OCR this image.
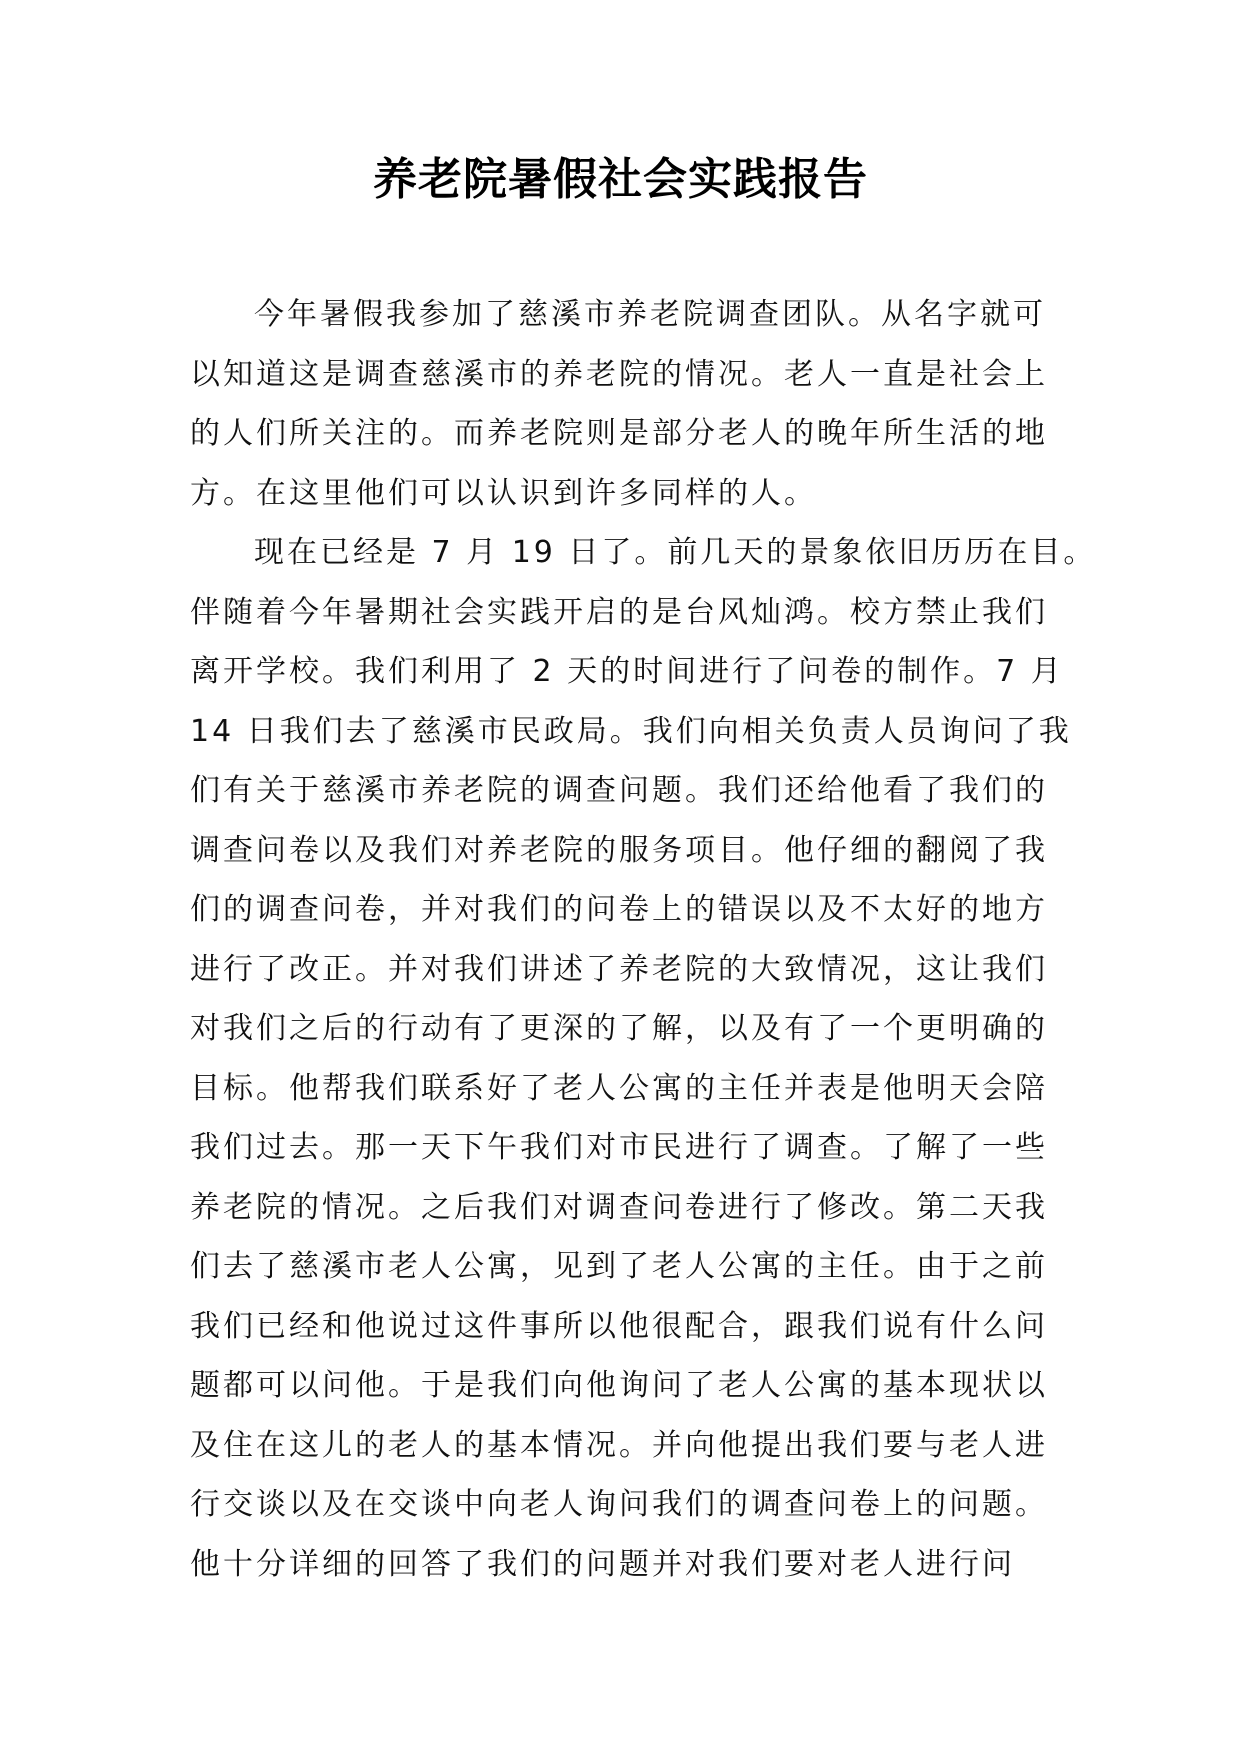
养老院暑假社会实践报告
今年暑假我参加了慈溪市养老院调查团队。从名字就可
以知道这是调查慈溪市的养老院的情况。老人一直是社会上
的人们所关注的。而养老院则是部分老人的晚年所生活的地
方。在这里他们可以认识到许多同样的人。
现在已经是 7 月 19 日了。前几天的景象依旧历历在目。
伴随着今年暑期社会实践开启的是台风灿鸿。校方禁止我们
离开学校。我们利用了 2 天的时间进行了问卷的制作。7 月
14 日我们去了慈溪市民政局。我们向相关负责人员询问了我
们有关于慈溪市养老院的调查问题。我们还给他看了我们的
调查问卷以及我们对养老院的服务项目。他仔细的翻阅了我
们的调查问卷，并对我们的问卷上的错误以及不太好的地方
进行了改正。并对我们讲述了养老院的大致情况，这让我们
对我们之后的行动有了更深的了解，以及有了一个更明确的
目标。他帮我们联系好了老人公寓的主任并表是他明天会陪
我们过去。那一天下午我们对市民进行了调查。了解了一些
养老院的情况。之后我们对调查问卷进行了修改。第二天我
们去了慈溪市老人公寓，见到了老人公寓的主任。由于之前
我们已经和他说过这件事所以他很配合，跟我们说有什么问
题都可以问他。于是我们向他询问了老人公寓的基本现状以
及住在这儿的老人的基本情况。并向他提出我们要与老人进
行交谈以及在交谈中向老人询问我们的调查问卷上的问题。
他十分详细的回答了我们的问题并对我们要对老人进行问
